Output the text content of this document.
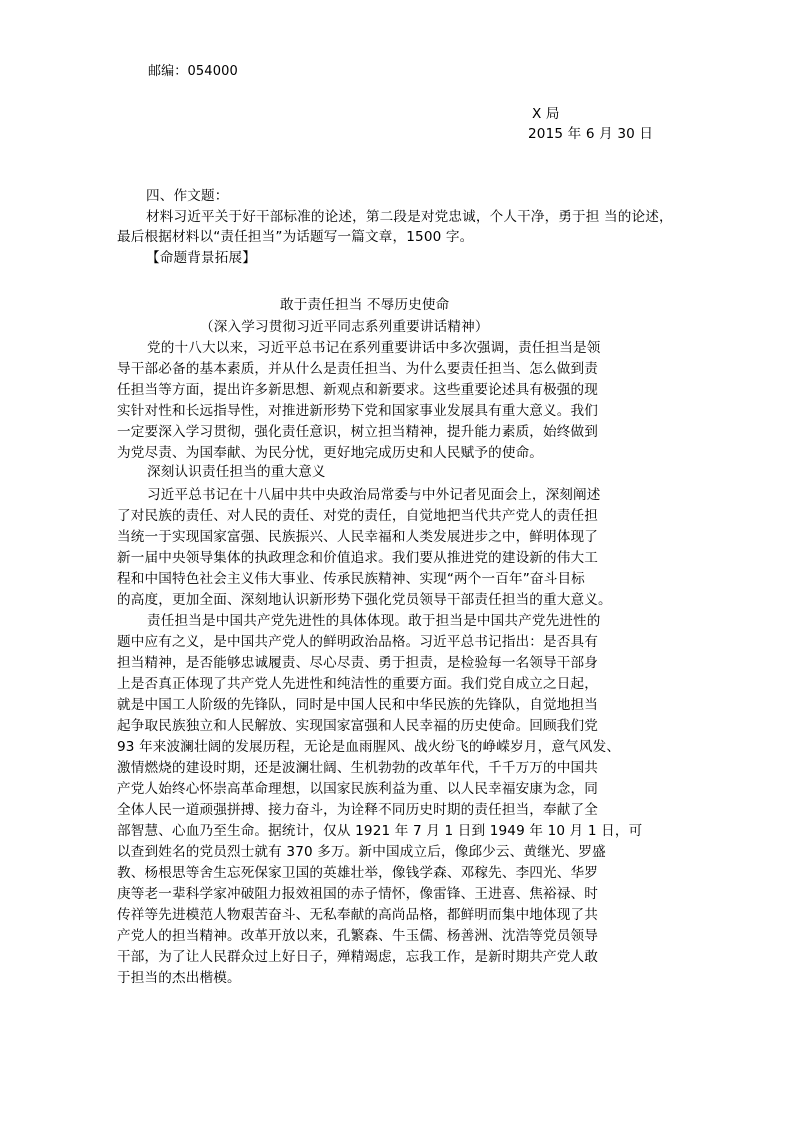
邮编：054000
X 局
2015 年 6 月 30 日
四、作文题：
材料习近平关于好干部标准的论述，第二段是对党忠诚，个人干净，勇于担 当的论述，
最后根据材料以“责任担当”为话题写一篇文章，1500 字。
【命题背景拓展】
敢于责任担当 不辱历史使命
（深入学习贯彻习近平同志系列重要讲话精神）
党的十八大以来，习近平总书记在系列重要讲话中多次强调，责任担当是领
导干部必备的基本素质，并从什么是责任担当、为什么要责任担当、怎么做到责
任担当等方面，提出许多新思想、新观点和新要求。这些重要论述具有极强的现
实针对性和长远指导性，对推进新形势下党和国家事业发展具有重大意义。我们
一定要深入学习贯彻，强化责任意识，树立担当精神，提升能力素质，始终做到
为党尽责、为国奉献、为民分忧，更好地完成历史和人民赋予的使命。
深刻认识责任担当的重大意义
习近平总书记在十八届中共中央政治局常委与中外记者见面会上，深刻阐述
了对民族的责任、对人民的责任、对党的责任，自觉地把当代共产党人的责任担
当统一于实现国家富强、民族振兴、人民幸福和人类发展进步之中，鲜明体现了
新一届中央领导集体的执政理念和价值追求。我们要从推进党的建设新的伟大工
程和中国特色社会主义伟大事业、传承民族精神、实现“两个一百年”奋斗目标
的高度，更加全面、深刻地认识新形势下强化党员领导干部责任担当的重大意义。
责任担当是中国共产党先进性的具体体现。敢于担当是中国共产党先进性的
题中应有之义，是中国共产党人的鲜明政治品格。习近平总书记指出：是否具有
担当精神，是否能够忠诚履责、尽心尽责、勇于担责，是检验每一名领导干部身
上是否真正体现了共产党人先进性和纯洁性的重要方面。我们党自成立之日起，
就是中国工人阶级的先锋队，同时是中国人民和中华民族的先锋队，自觉地担当
起争取民族独立和人民解放、实现国家富强和人民幸福的历史使命。回顾我们党
93 年来波澜壮阔的发展历程，无论是血雨腥风、战火纷飞的峥嵘岁月，意气风发、
激情燃烧的建设时期，还是波澜壮阔、生机勃勃的改革年代，千千万万的中国共
产党人始终心怀崇高革命理想，以国家民族利益为重、以人民幸福安康为念，同
全体人民一道顽强拼搏、接力奋斗，为诠释不同历史时期的责任担当，奉献了全
部智慧、心血乃至生命。据统计，仅从 1921 年 7 月 1 日到 1949 年 10 月 1 日，可
以查到姓名的党员烈士就有 370 多万。新中国成立后，像邱少云、黄继光、罗盛
教、杨根思等舍生忘死保家卫国的英雄壮举，像钱学森、邓稼先、李四光、华罗
庚等老一辈科学家冲破阻力报效祖国的赤子情怀，像雷锋、王进喜、焦裕禄、时
传祥等先进模范人物艰苦奋斗、无私奉献的高尚品格，都鲜明而集中地体现了共
产党人的担当精神。改革开放以来，孔繁森、牛玉儒、杨善洲、沈浩等党员领导
干部，为了让人民群众过上好日子，殚精竭虑，忘我工作，是新时期共产党人敢
于担当的杰出楷模。
